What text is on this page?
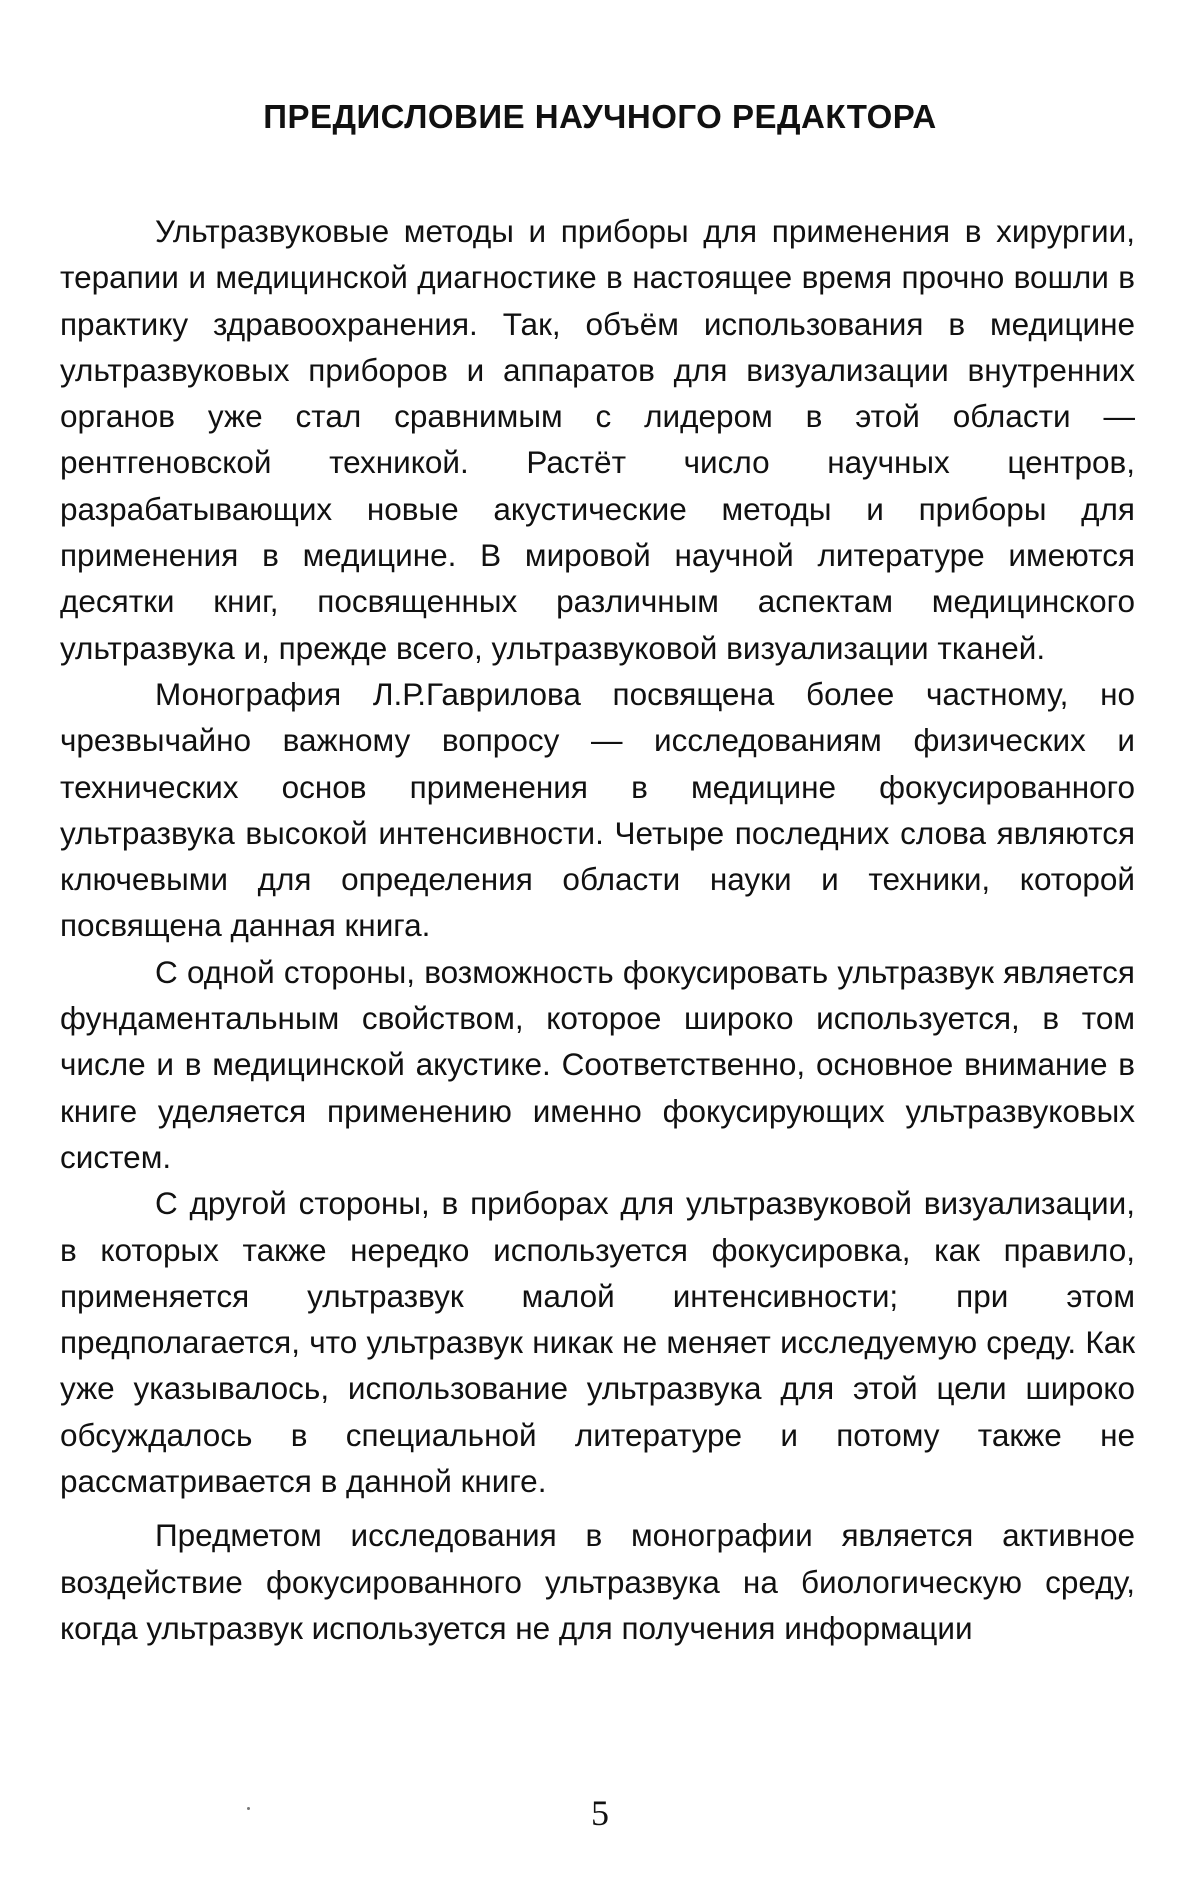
ПРЕДИСЛОВИЕ НАУЧНОГО РЕДАКТОРА

Ультразвуковые методы и приборы для применения в хирургии, терапии и медицинской диагностике в настоящее время прочно вошли в практику здравоохранения. Так, объём использования в медицине ультразвуковых приборов и аппаратов для визуализации внутренних органов уже стал сравнимым с лидером в этой области — рентгеновской техникой. Растёт число научных центров, разрабатывающих новые акустические методы и приборы для применения в медицине. В мировой научной литературе имеются десятки книг, посвященных различным аспектам медицинского ультразвука и, прежде всего, ультразвуковой визуализации тканей.

Монография Л.Р.Гаврилова посвящена более частному, но чрезвычайно важному вопросу — исследованиям физических и технических основ применения в медицине фокусированного ультразвука высокой интенсивности. Четыре последних слова являются ключевыми для определения области науки и техники, которой посвящена данная книга.

С одной стороны, возможность фокусировать ультразвук является фундаментальным свойством, которое широко используется, в том числе и в медицинской акустике. Соответственно, основное внимание в книге уделяется применению именно фокусирующих ультразвуковых систем.

С другой стороны, в приборах для ультразвуковой визуализации, в которых также нередко используется фокусировка, как правило, применяется ультразвук малой интенсивности; при этом предполагается, что ультразвук никак не меняет исследуемую среду. Как уже указывалось, использование ультразвука для этой цели широко обсуждалось в специальной литературе и потому также не рассматривается в данной книге.

Предметом исследования в монографии является активное воздействие фокусированного ультразвука на биологическую среду, когда ультразвук используется не для получения информации

5
